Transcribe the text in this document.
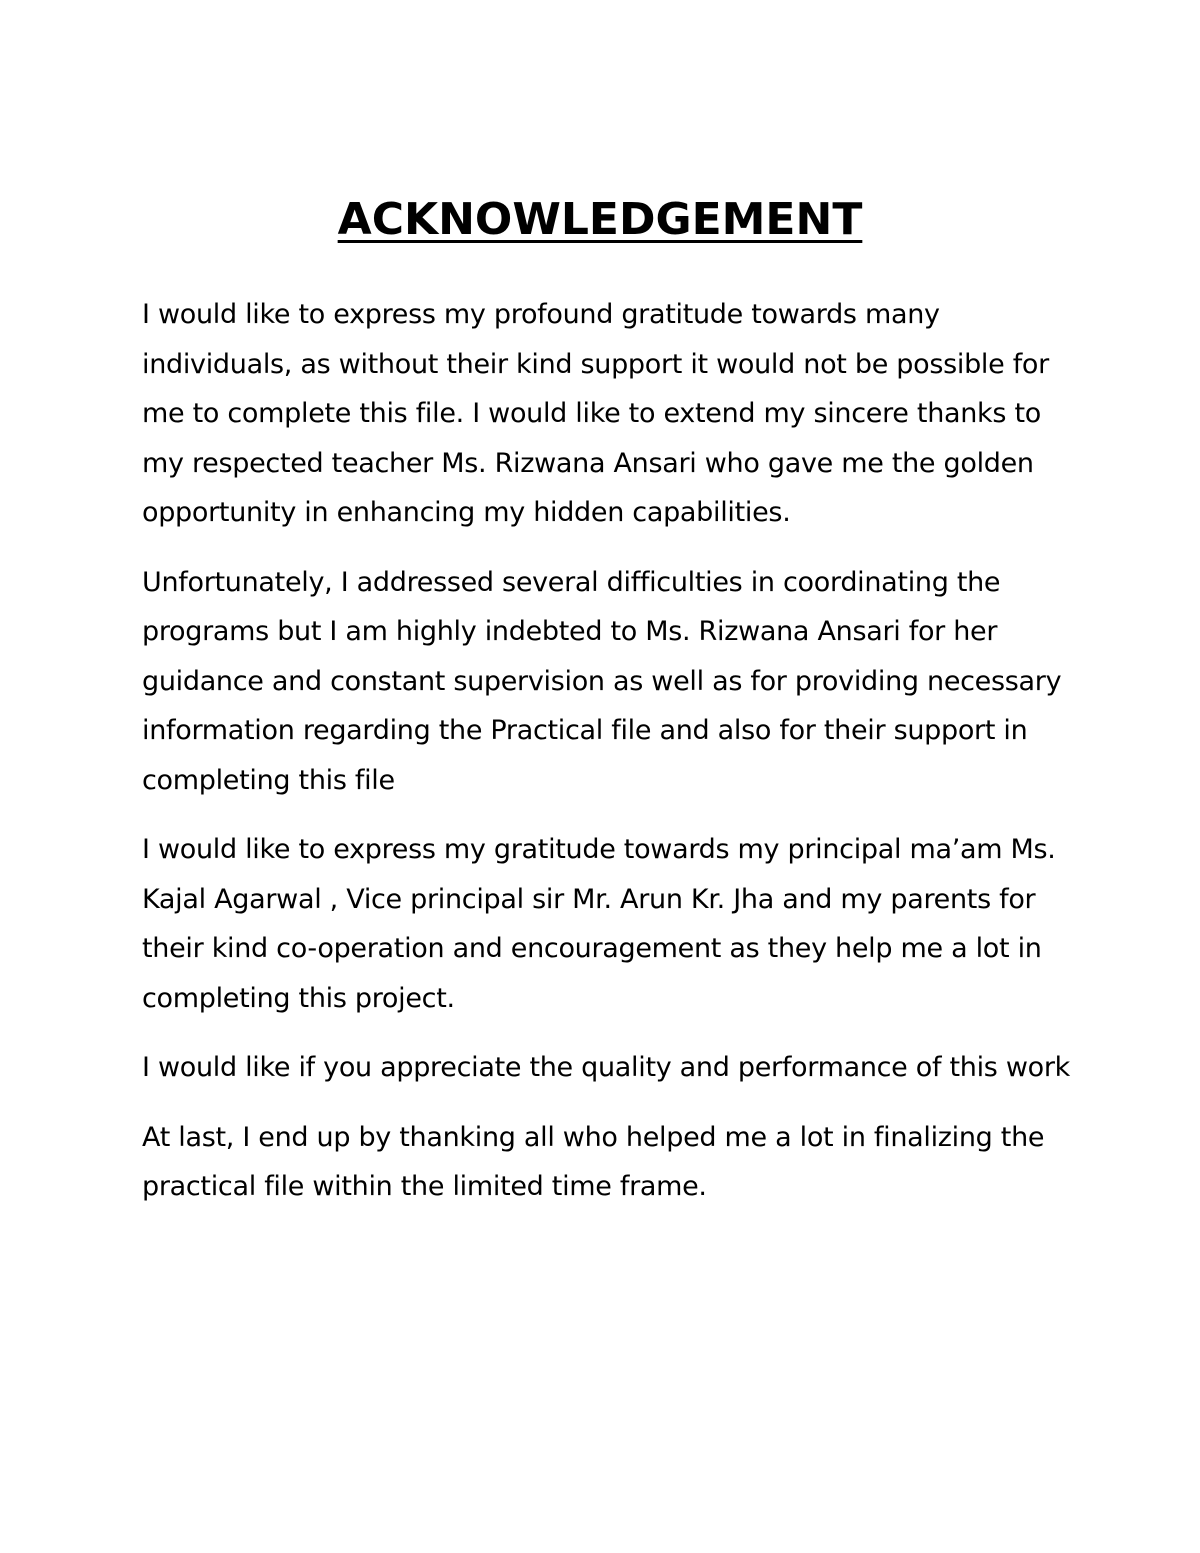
ACKNOWLEDGEMENT

I would like to express my profound gratitude towards many individuals, as without their kind support it would not be possible for me to complete this file. I would like to extend my sincere thanks to my respected teacher Ms. Rizwana Ansari who gave me the golden opportunity in enhancing my hidden capabilities.

Unfortunately, I addressed several difficulties in coordinating the programs but I am highly indebted to Ms. Rizwana Ansari for her guidance and constant supervision as well as for providing necessary information regarding the Practical file and also for their support in completing this file

I would like to express my gratitude towards my principal ma’am Ms. Kajal Agarwal , Vice principal sir Mr. Arun Kr. Jha and my parents for their kind co-operation and encouragement as they help me a lot in completing this project.

I would like if you appreciate the quality and performance of this work

At last, I end up by thanking all who helped me a lot in finalizing the practical file within the limited time frame.
